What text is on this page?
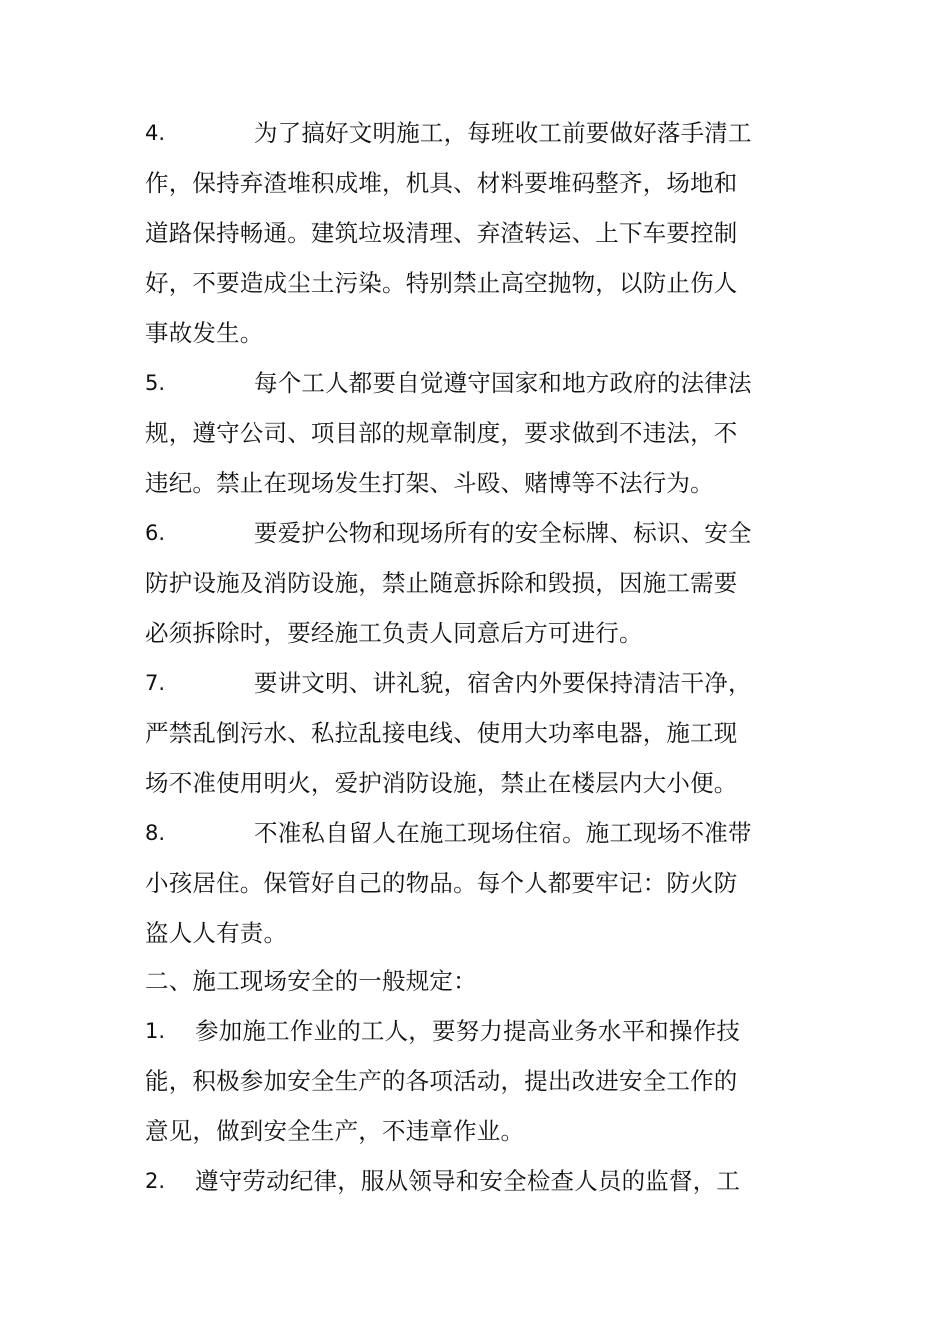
4.	为了搞好文明施工，每班收工前要做好落手清工
作，保持弃渣堆积成堆，机具、材料要堆码整齐，场地和
道路保持畅通。建筑垃圾清理、弃渣转运、上下车要控制
好，不要造成尘土污染。特别禁止高空抛物，以防止伤人
事故发生。
5.	每个工人都要自觉遵守国家和地方政府的法律法
规，遵守公司、项目部的规章制度，要求做到不违法，不
违纪。禁止在现场发生打架、斗殴、赌博等不法行为。
6.	要爱护公物和现场所有的安全标牌、标识、安全
防护设施及消防设施，禁止随意拆除和毁损，因施工需要
必须拆除时，要经施工负责人同意后方可进行。
7.	要讲文明、讲礼貌，宿舍内外要保持清洁干净，
严禁乱倒污水、私拉乱接电线、使用大功率电器，施工现
场不准使用明火，爱护消防设施，禁止在楼层内大小便。
8.	不准私自留人在施工现场住宿。施工现场不准带
小孩居住。保管好自己的物品。每个人都要牢记：防火防
盗人人有责。
二、施工现场安全的一般规定：
1. 参加施工作业的工人，要努力提高业务水平和操作技
能，积极参加安全生产的各项活动，提出改进安全工作的
意见，做到安全生产，不违章作业。
2. 遵守劳动纪律，服从领导和安全检查人员的监督，工
